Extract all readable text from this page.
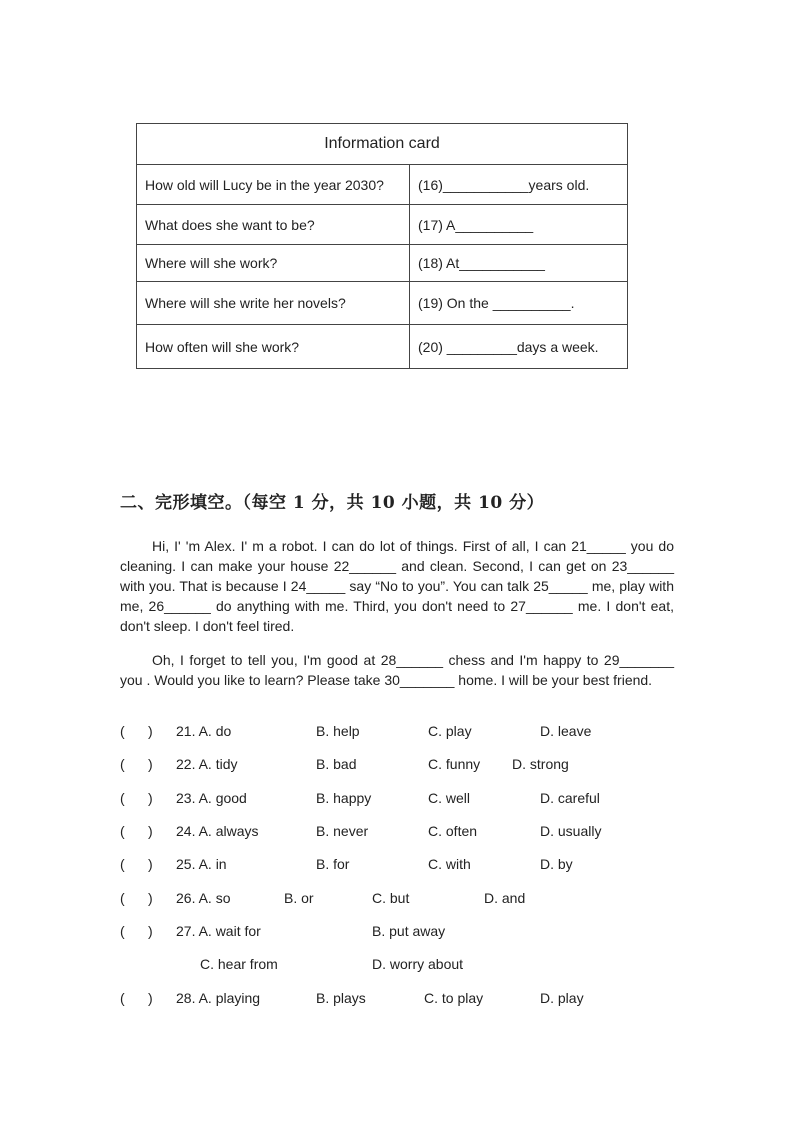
Information card	
How old will Lucy be in the year 2030?	(16)___________years old.
What does she want to be?	(17) A__________
Where will she work?	(18) At___________
Where will she write her novels?	(19) On the __________.
How often will she work?	(20) _________days a week.
二、完形填空。（每空 1 分，共 10 小题，共 10 分）

Hi, I' 'm Alex. I' m a robot. I can do lot of things. First of all, I can 21_____ you do cleaning. I can make your house 22______ and clean. Second, I can get on 23______ with you. That is because I 24_____ say “No to you”. You can talk 25_____ me, play with me, 26______ do anything with me. Third, you don't need to 27______ me. I don't eat, don't sleep. I don't feel tired.

Oh, I forget to tell you, I'm good at 28______ chess and I'm happy to 29_______ you . Would you like to learn? Please take 30_______ home. I will be your best friend.

(      ) 21. A. do	B. help	C. play	D. leave
(      ) 22. A. tidy	B. bad	C. funny D. strong
(      ) 23. A. good	B. happy	C. well	D. careful
(      ) 24. A. always	B. never	C. often	D. usually
(      ) 25. A. in	B. for	C. with	D. by
(      ) 26. A. so	B. or	C. but	D. and
(      ) 27. A. wait for	B. put away
C. hear from	D. worry about
(      ) 28. A. playing	B. plays	C. to play	D. play
